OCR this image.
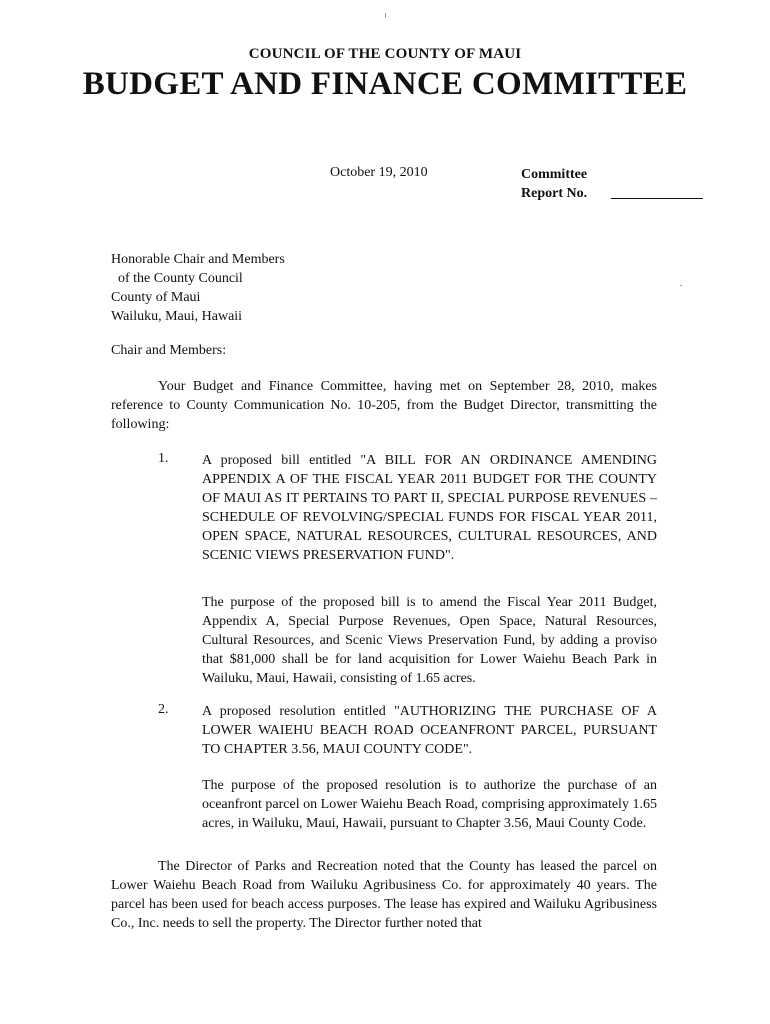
COUNCIL OF THE COUNTY OF MAUI
BUDGET AND FINANCE COMMITTEE
October 19, 2010	Committee
Report No.
Honorable Chair and Members
of the County Council
County of Maui
Wailuku, Maui, Hawaii
Chair and Members:

Your Budget and Finance Committee, having met on September 28, 2010, makes reference to County Communication No. 10-205, from the Budget Director, transmitting the following:

1. A proposed bill entitled "A BILL FOR AN ORDINANCE AMENDING APPENDIX A OF THE FISCAL YEAR 2011 BUDGET FOR THE COUNTY OF MAUI AS IT PERTAINS TO PART II, SPECIAL PURPOSE REVENUES – SCHEDULE OF REVOLVING/SPECIAL FUNDS FOR FISCAL YEAR 2011, OPEN SPACE, NATURAL RESOURCES, CULTURAL RESOURCES, AND SCENIC VIEWS PRESERVATION FUND".

The purpose of the proposed bill is to amend the Fiscal Year 2011 Budget, Appendix A, Special Purpose Revenues, Open Space, Natural Resources, Cultural Resources, and Scenic Views Preservation Fund, by adding a proviso that $81,000 shall be for land acquisition for Lower Waiehu Beach Park in Wailuku, Maui, Hawaii, consisting of 1.65 acres.

2. A proposed resolution entitled "AUTHORIZING THE PURCHASE OF A LOWER WAIEHU BEACH ROAD OCEANFRONT PARCEL, PURSUANT TO CHAPTER 3.56, MAUI COUNTY CODE".

The purpose of the proposed resolution is to authorize the purchase of an oceanfront parcel on Lower Waiehu Beach Road, comprising approximately 1.65 acres, in Wailuku, Maui, Hawaii, pursuant to Chapter 3.56, Maui County Code.

The Director of Parks and Recreation noted that the County has leased the parcel on Lower Waiehu Beach Road from Wailuku Agribusiness Co. for approximately 40 years. The parcel has been used for beach access purposes. The lease has expired and Wailuku Agribusiness Co., Inc. needs to sell the property. The Director further noted that
